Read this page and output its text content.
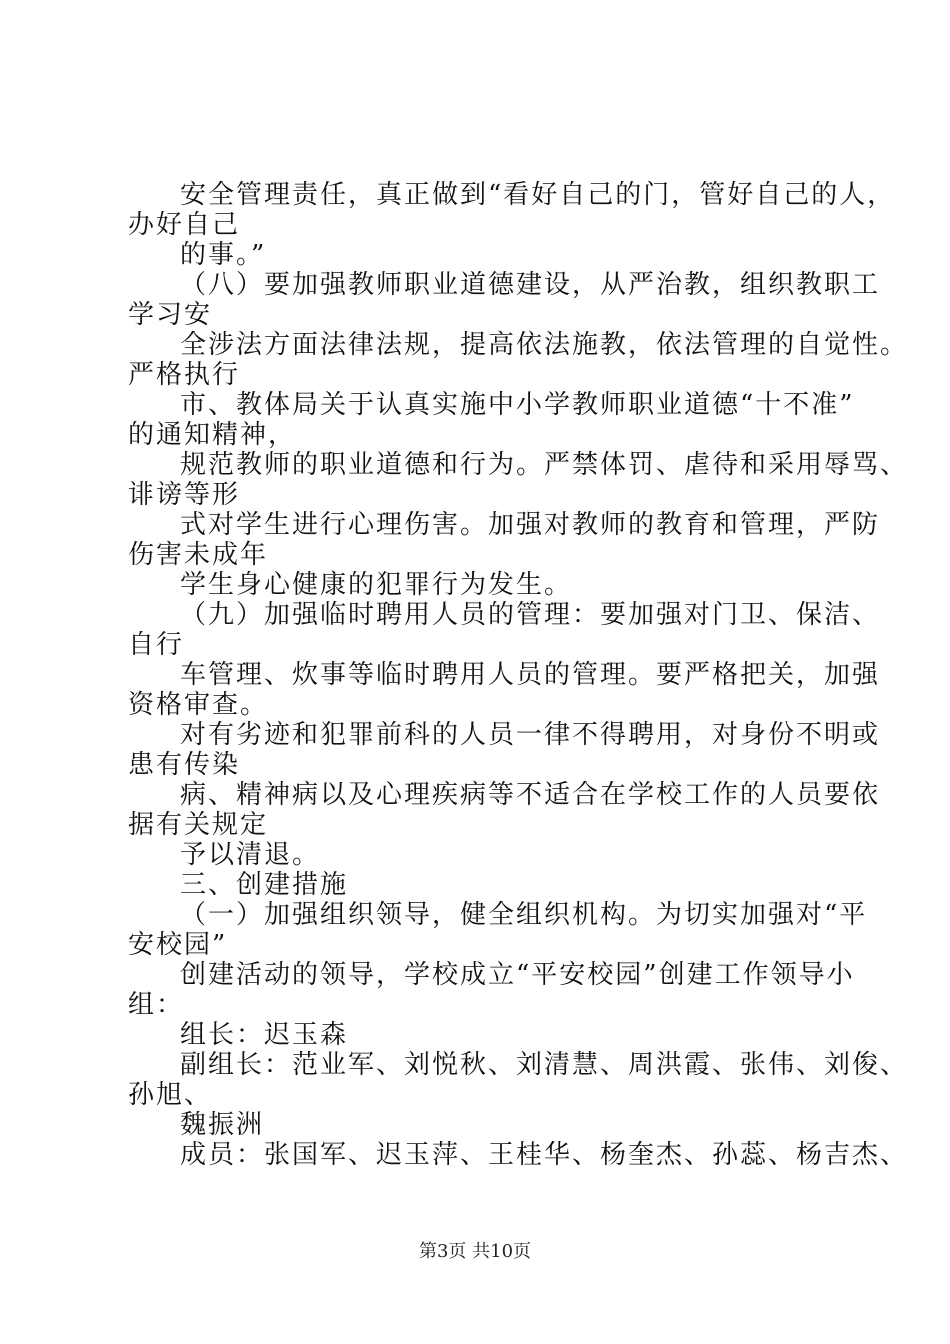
安全管理责任，真正做到“看好自己的门，管好自己的人，
办好自己
的事。”
（八）要加强教师职业道德建设，从严治教，组织教职工
学习安
全涉法方面法律法规，提高依法施教，依法管理的自觉性。
严格执行
市、教体局关于认真实施中小学教师职业道德“十不准”
的通知精神，
规范教师的职业道德和行为。严禁体罚、虐待和采用辱骂、
诽谤等形
式对学生进行心理伤害。加强对教师的教育和管理，严防
伤害未成年
学生身心健康的犯罪行为发生。
（九）加强临时聘用人员的管理：要加强对门卫、保洁、
自行
车管理、炊事等临时聘用人员的管理。要严格把关，加强
资格审查。
对有劣迹和犯罪前科的人员一律不得聘用，对身份不明或
患有传染
病、精神病以及心理疾病等不适合在学校工作的人员要依
据有关规定
予以清退。
三、创建措施
（一）加强组织领导，健全组织机构。为切实加强对“平
安校园”
创建活动的领导，学校成立“平安校园”创建工作领导小
组：
组长：迟玉森
副组长：范业军、刘悦秋、刘清慧、周洪霞、张伟、刘俊、
孙旭、
魏振洲
成员：张国军、迟玉萍、王桂华、杨奎杰、孙蕊、杨吉杰、
第3页 共10页
